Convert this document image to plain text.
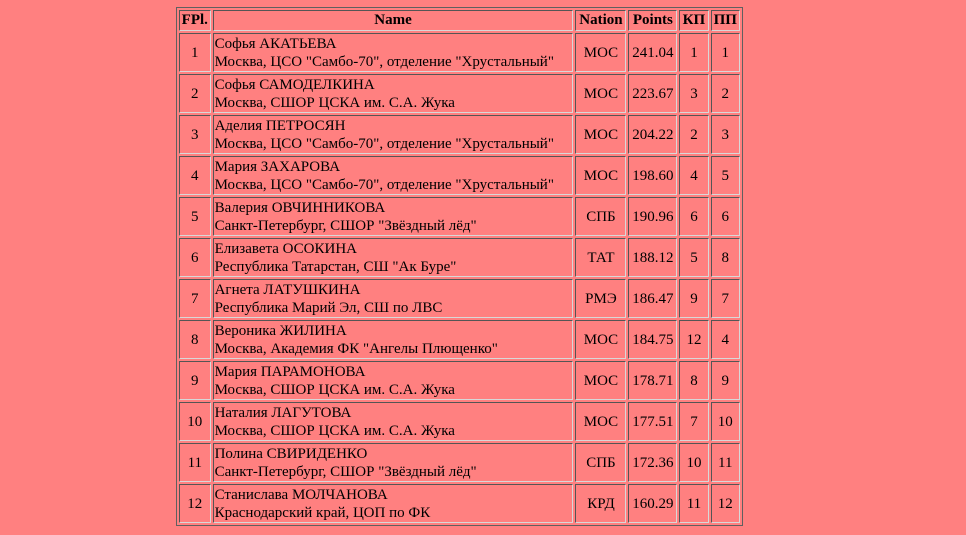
FPl.	Name	Nation	Points	КП	ПП
1	Софья АКАТЬЕВА
Москва, ЦСО "Самбо-70", отделение "Хрустальный"	МОС	241.04	1	1
2	Софья САМОДЕЛКИНА
Москва, СШОР ЦСКА им. С.А. Жука	МОС	223.67	3	2
3	Аделия ПЕТРОСЯН
Москва, ЦСО "Самбо-70", отделение "Хрустальный"	МОС	204.22	2	3
4	Мария ЗАХАРОВА
Москва, ЦСО "Самбо-70", отделение "Хрустальный"	МОС	198.60	4	5
5	Валерия ОВЧИННИКОВА
Санкт-Петербург, СШОР "Звёздный лёд"	СПБ	190.96	6	6
6	Елизавета ОСОКИНА
Республика Татарстан, СШ "Ак Буре"	ТАТ	188.12	5	8
7	Агнета ЛАТУШКИНА
Республика Марий Эл, СШ по ЛВС	РМЭ	186.47	9	7
8	Вероника ЖИЛИНА
Москва, Академия ФК "Ангелы Плющенко"	МОС	184.75	12	4
9	Мария ПАРАМОНОВА
Москва, СШОР ЦСКА им. С.А. Жука	МОС	178.71	8	9
10	Наталия ЛАГУТОВА
Москва, СШОР ЦСКА им. С.А. Жука	МОС	177.51	7	10
11	Полина СВИРИДЕНКО
Санкт-Петербург, СШОР "Звёздный лёд"	СПБ	172.36	10	11
12	Станислава МОЛЧАНОВА
Краснодарский край, ЦОП по ФК	КРД	160.29	11	12
